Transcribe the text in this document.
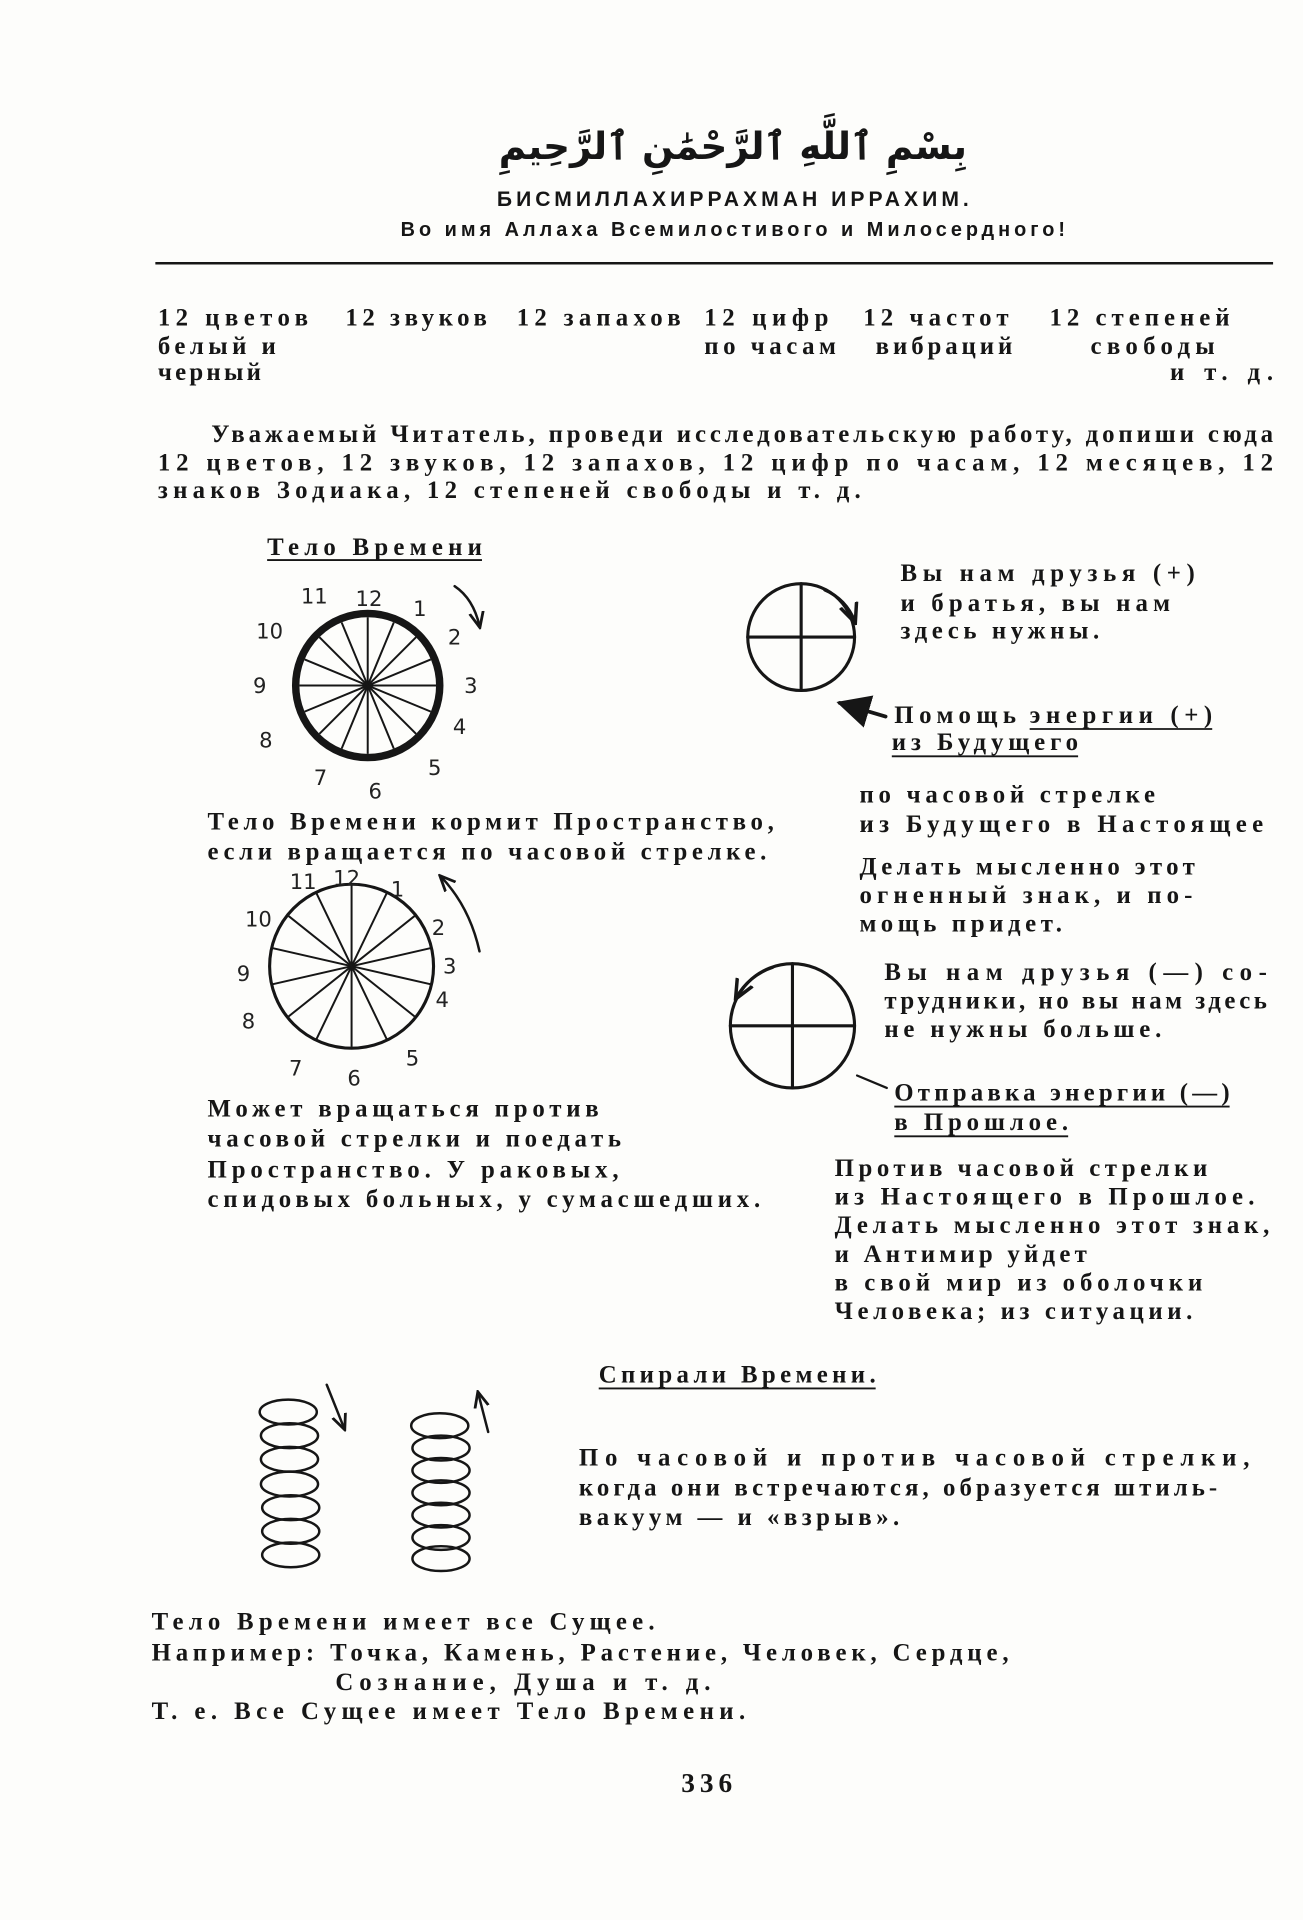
بِسْمِ ٱللَّهِ ٱلرَّحْمَٰنِ ٱلرَّحِيمِ
БИСМИЛЛАХИРРАХМАН ИРРАХИМ.
Во имя Аллаха Всемилостивого и Милосердного!
12 цветов
белый и
черный
12 звуков 12 запахов 12 цифр
по часам
12 частот
вибраций
12 степеней
свободы
и т. д.
Уважаемый Читатель, проведи исследовательскую работу, допиши сюда
12 цветов, 12 звуков, 12 запахов, 12 цифр по часам, 12 месяцев, 12
знаков Зодиака, 12 степеней свободы и т. д.
Тело Времени
12 1
2
3
4
5
6
7
8
9
10
11
Тело Времени кормит Пространство,
если вращается по часовой стрелке.
12 1
2
3
4
5
6
7
8
9
10
11
Может вращаться против
часовой стрелки и поедать
Пространство. У раковых,
спидовых больных, у сумасшедших.
Вы нам друзья (+)
и братья, вы нам
здесь нужны.
Помощь энергии (+)
из Будущего
по часовой стрелке
из Будущего в Настоящее
Делать мысленно этот
огненный знак, и по-
мощь придет.
Вы нам друзья (—) со-
трудники, но вы нам здесь
не нужны больше.
Отправка энергии (—)
в Прошлое.
Против часовой стрелки
из Настоящего в Прошлое.
Делать мысленно этот знак,
и Антимир уйдет
в свой мир из оболочки
Человека; из ситуации.
Спирали Времени.
По часовой и против часовой стрелки,
когда они встречаются, образуется штиль-
вакуум — и «взрыв».
Тело Времени имеет все Сущее.
Например: Точка, Камень, Растение, Человек, Сердце,
Сознание, Душа и т. д.
Т. е. Все Сущее имеет Тело Времени.
336
